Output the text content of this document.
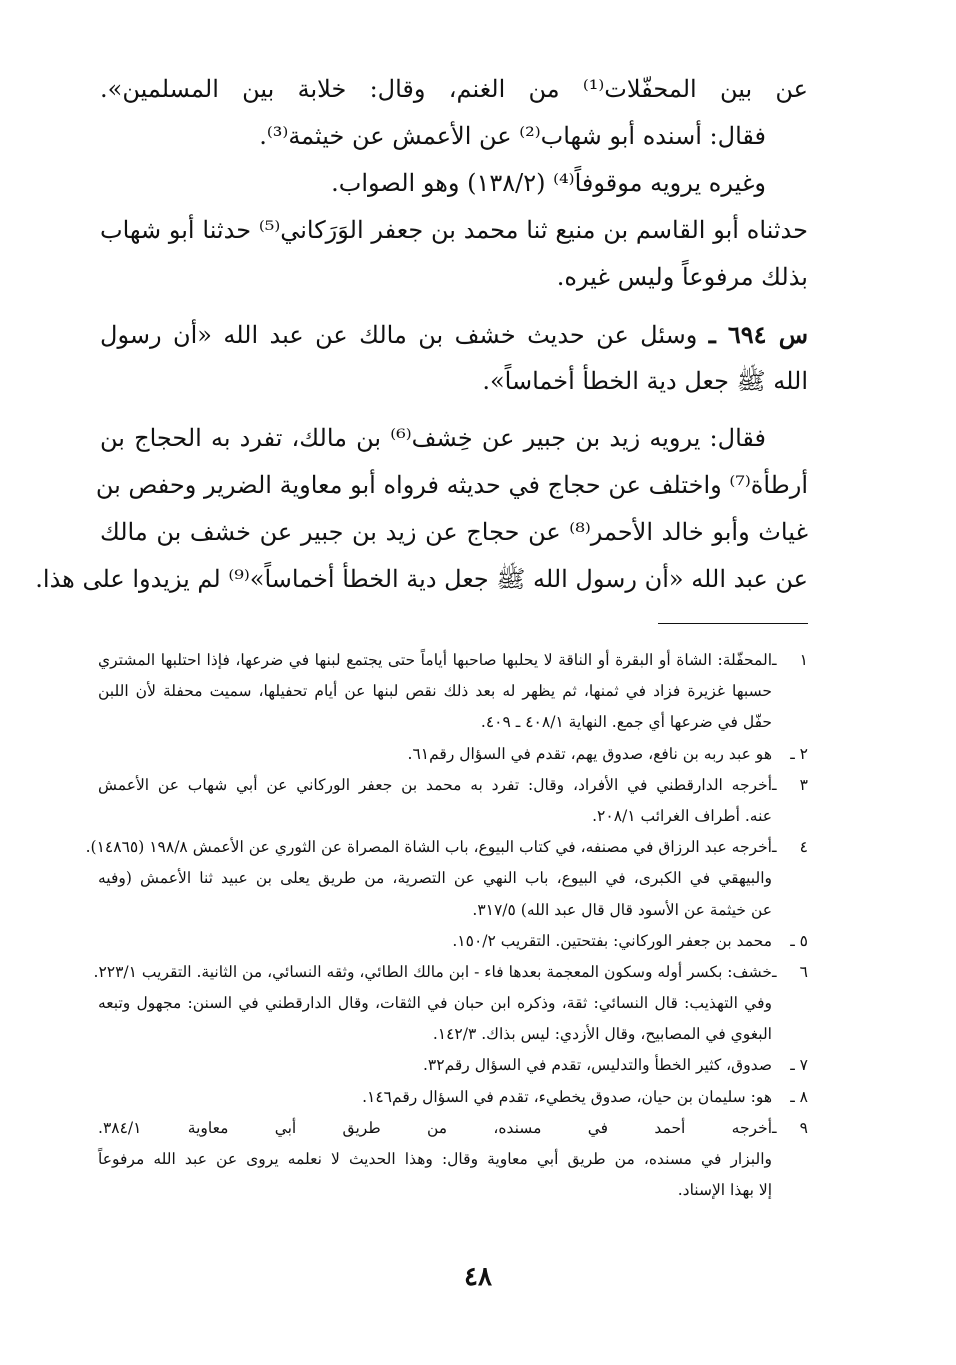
عن بين المحفّلات⁽¹⁾ من الغنم، وقال: خلابة بين المسلمين».
فقال: أسنده أبو شهاب⁽²⁾ عن الأعمش عن خيثمة⁽³⁾.
وغيره يرويه موقوفاً⁽⁴⁾ (١٣٨/٢) وهو الصواب.
حدثناه أبو القاسم بن منيع ثنا محمد بن جعفر الوَرَكاني⁽⁵⁾ حدثنا أبو شهاب
بذلك مرفوعاً وليس غيره.
س ٦٩٤ ـ وسئل عن حديث خشف بن مالك عن عبد الله «أن رسول
الله ﷺ جعل دية الخطأ أخماساً».
فقال: يرويه زيد بن جبير عن خِشف⁽⁶⁾ بن مالك، تفرد به الحجاج بن
أرطأة⁽⁷⁾ واختلف عن حجاج في حديثه فرواه أبو معاوية الضرير وحفص بن
غياث وأبو خالد الأحمر⁽⁸⁾ عن حجاج عن زيد بن جبير عن خشف بن مالك
عن عبد الله «أن رسول الله ﷺ جعل دية الخطأ أخماساً»⁽⁹⁾ لم يزيدوا على هذا.
١ ـالمحفّلة: الشاة أو البقرة أو الناقة لا يحلبها صاحبها أياماً حتى يجتمع لبنها في ضرعها، فإذا احتلبها المشتري
حسبها غزيرة فزاد في ثمنها، ثم يظهر له بعد ذلك نقص لبنها عن أيام تحفيلها، سميت محفلة لأن اللبن
حفّل في ضرعها أي جمع. النهاية ٤٠٨/١ ـ ٤٠٩.
٢ ـهو عبد ربه بن نافع، صدوق يهم، تقدم في السؤال رقم٦١.
٣ ـأخرجه الدارقطني في الأفراد، وقال: تفرد به محمد بن جعفر الوركاني عن أبي شهاب عن الأعمش
عنه. أطراف الغرائب ٢٠٨/١.
٤ ـأخرجه عبد الرزاق في مصنفه، في كتاب البيوع، باب الشاة المصراة عن الثوري عن الأعمش ١٩٨/٨ (١٤٨٦٥).
والبيهقي في الكبرى، في البيوع، باب النهي عن التصرية، من طريق يعلى بن عبيد ثنا الأعمش (وفيه
عن خيثمة عن الأسود قال قال عبد الله) ٣١٧/٥.
٥ ـمحمد بن جعفر الوركاني: بفتحتين. التقريب ١٥٠/٢.
٦ ـخشف: بكسر أوله وسكون المعجمة بعدها فاء - ابن مالك الطائي، وثقه النسائي، من الثانية. التقريب ٢٢٣/١.
وفي التهذيب: قال النسائي: ثقة، وذكره ابن حبان في الثقات، وقال الدارقطني في السنن: مجهول وتبعه
البغوي في المصابيح، وقال الأزدي: ليس بذاك. ١٤٢/٣.
٧ ـصدوق، كثير الخطأ والتدليس، تقدم في السؤال رقم٣٢.
٨ ـهو: سليمان بن حيان، صدوق يخطيء، تقدم في السؤال رقم١٤٦.
٩ ـأخرجه أحمد في مسنده، من طريق أبي معاوية ٣٨٤/١.
والبزار في مسنده، من طريق أبي معاوية وقال: وهذا الحديث لا نعلمه يروى عن عبد الله مرفوعاً
إلا بهذا الإسناد.
٤٨
